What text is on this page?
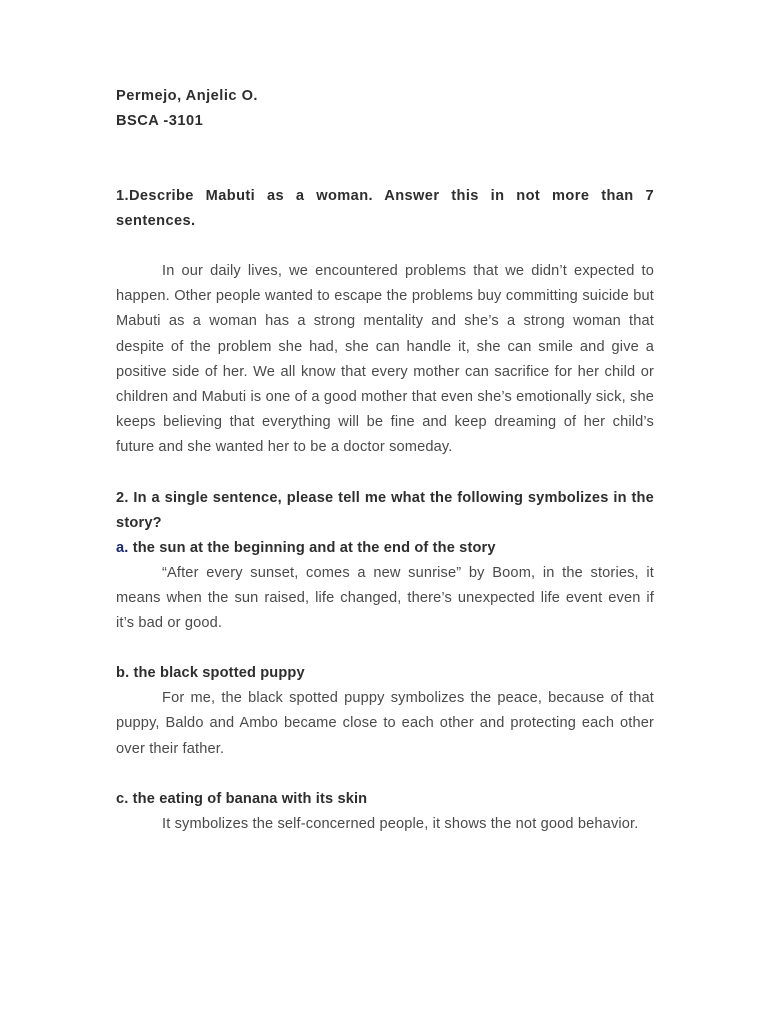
Permejo, Anjelic O.
BSCA -3101
1.Describe Mabuti as a woman. Answer this in not more than 7 sentences.
In our daily lives, we encountered problems that we didn’t expected to happen. Other people wanted to escape the problems buy committing suicide but Mabuti as a woman has a strong mentality and she’s a strong woman that despite of the problem she had, she can handle it, she can smile and give a positive side of her. We all know that every mother can sacrifice for her child or children and Mabuti is one of a good mother that even she’s emotionally sick, she keeps believing that everything will be fine and keep dreaming of her child’s future and she wanted her to be a doctor someday.
2. In a single sentence, please tell me what the following symbolizes in the story?
a. the sun at the beginning and at the end of the story
“After every sunset, comes a new sunrise” by Boom, in the stories, it means when the sun raised, life changed, there’s unexpected life event even if it’s bad or good.
b. the black spotted puppy
For me, the black spotted puppy symbolizes the peace, because of that puppy, Baldo and Ambo became close to each other and protecting each other over their father.
c. the eating of banana with its skin
It symbolizes the self-concerned people, it shows the not good behavior.
